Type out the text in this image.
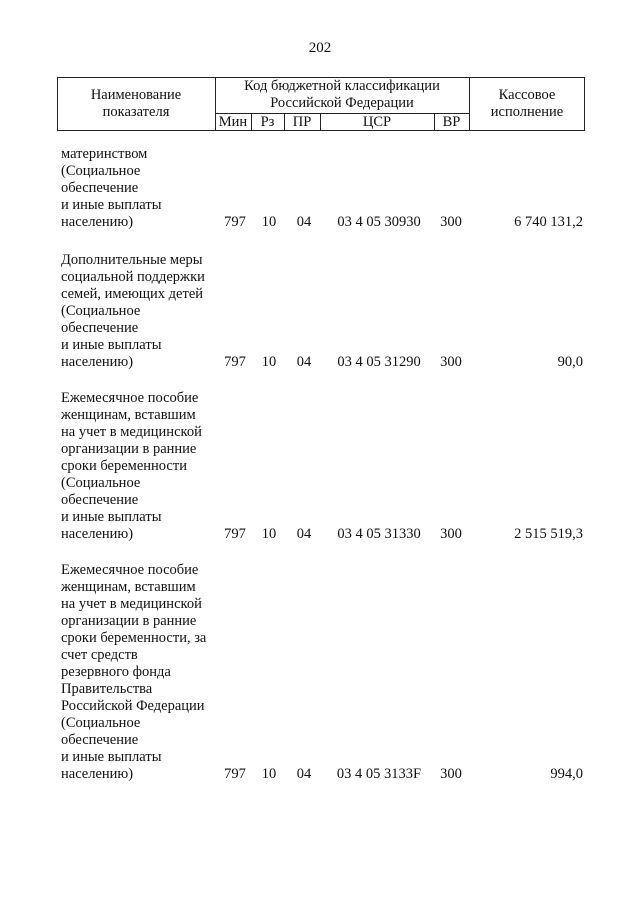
202
Наименование
показателя
Код бюджетной классификации
Российской Федерации
Мин Рз	ПР	ЦСР	ВР
Кассовое
исполнение
материнством
(Социальное
обеспечение
и иные выплаты
населению)	797	10	04	03 4 05 30930	300	6 740 131,2
Дополнительные меры
социальной поддержки
семей, имеющих детей
(Социальное
обеспечение
и иные выплаты
населению)	797	10	04	03 4 05 31290	300	90,0
Ежемесячное пособие
женщинам, вставшим
на учет в медицинской
организации в ранние
сроки беременности
(Социальное
обеспечение
и иные выплаты
населению)	797	10	04	03 4 05 31330	300	2 515 519,3
Ежемесячное пособие
женщинам, вставшим
на учет в медицинской
организации в ранние
сроки беременности, за
счет средств
резервного фонда
Правительства
Российской Федерации
(Социальное
обеспечение
и иные выплаты
населению)	797	10	04	03 4 05 3133F	300	994,0
